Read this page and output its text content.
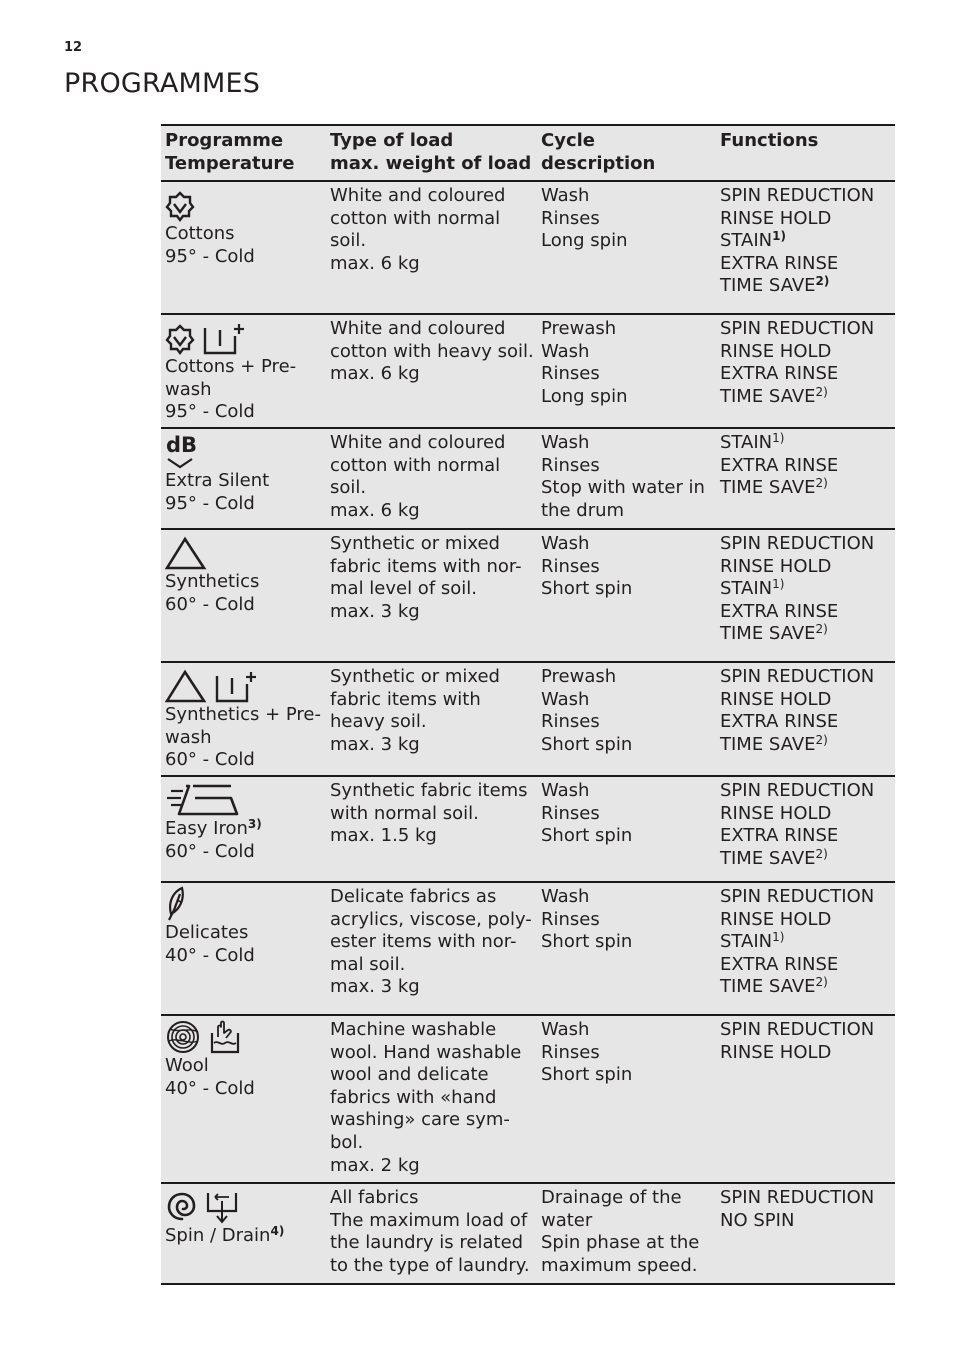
12
PROGRAMMES
Programme
Temperature
Type of load
max. weight of load
Cycle
description
Functions
Cottons
95° - Cold
White and coloured
cotton with normal
soil.
max. 6 kg
Wash
Rinses
Long spin
SPIN REDUCTION
RINSE HOLD
STAIN$^{1)}$
EXTRA RINSE
TIME SAVE$^{2)}$
Cottons + Pre-
wash
95° - Cold
White and coloured
cotton with heavy soil.
max. 6 kg
Prewash
Wash
Rinses
Long spin
SPIN REDUCTION
RINSE HOLD
EXTRA RINSE
TIME SAVE$^{2)}$
dB
Extra Silent
95° - Cold
White and coloured
cotton with normal
soil.
max. 6 kg
Wash
Rinses
Stop with water in
the drum
STAIN$^{1)}$
EXTRA RINSE
TIME SAVE$^{2)}$
Synthetics
60° - Cold
Synthetic or mixed
fabric items with nor-
mal level of soil.
max. 3 kg
Wash
Rinses
Short spin
SPIN REDUCTION
RINSE HOLD
STAIN$^{1)}$
EXTRA RINSE
TIME SAVE$^{2)}$
Synthetics + Pre-
wash
60° - Cold
Synthetic or mixed
fabric items with
heavy soil.
max. 3 kg
Prewash
Wash
Rinses
Short spin
SPIN REDUCTION
RINSE HOLD
EXTRA RINSE
TIME SAVE$^{2)}$
Easy Iron$^{3)}$
60° - Cold
Synthetic fabric items
with normal soil.
max. 1.5 kg
Wash
Rinses
Short spin
SPIN REDUCTION
RINSE HOLD
EXTRA RINSE
TIME SAVE$^{2)}$
Delicates
40° - Cold
Delicate fabrics as
acrylics, viscose, poly-
ester items with nor-
mal soil.
max. 3 kg
Wash
Rinses
Short spin
SPIN REDUCTION
RINSE HOLD
STAIN$^{1)}$
EXTRA RINSE
TIME SAVE$^{2)}$
Wool
40° - Cold
Machine washable
wool. Hand washable
wool and delicate
fabrics with «hand
washing» care sym-
bol.
max. 2 kg
Wash
Rinses
Short spin
SPIN REDUCTION
RINSE HOLD
Spin / Drain$^{4)}$
All fabrics
The maximum load of
the laundry is related
to the type of laundry.
Drainage of the
water
Spin phase at the
maximum speed.
SPIN REDUCTION
NO SPIN
